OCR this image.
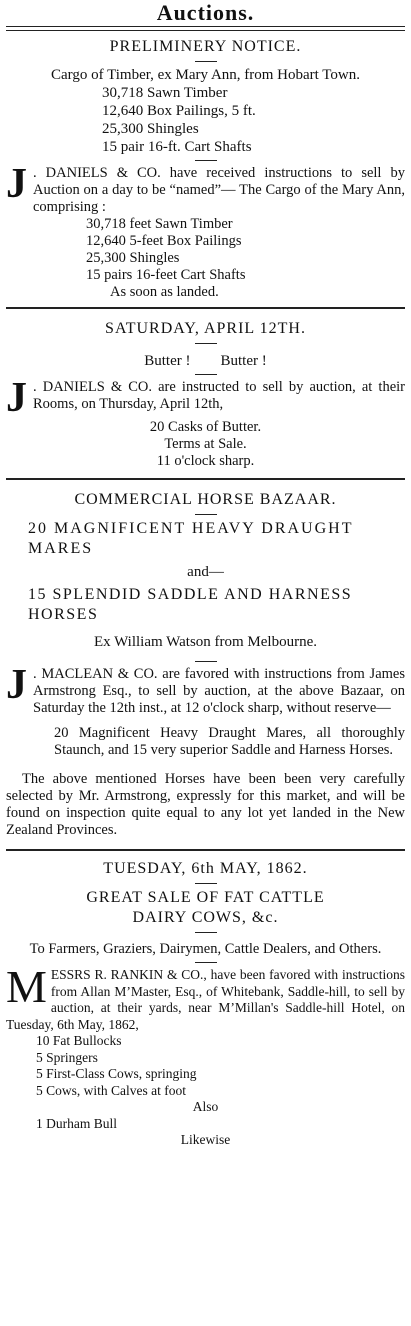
Auctions.
PRELIMINERY NOTICE.
Cargo of Timber, ex Mary Ann, from Hobart Town.
30,718 Sawn Timber
12,640 Box Pailings, 5 ft.
25,300 Shingles
15 pair 16-ft. Cart Shafts
J . DANIELS & CO. have received instructions to sell by Auction on a day to be “named”— The Cargo of the Mary Ann, comprising :
30,718 feet Sawn Timber
12,640 5-feet Box Pailings
25,300 Shingles
15 pairs 16-feet Cart Shafts
As soon as landed.
SATURDAY, APRIL 12TH.
Butter ! Butter !
J . DANIELS & CO. are instructed to sell by auction, at their Rooms, on Thursday, April 12th,
20 Casks of Butter.
Terms at Sale.
11 o'clock sharp.
COMMERCIAL HORSE BAZAAR.
20 MAGNIFICENT HEAVY DRAUGHT MARES
and—
15 SPLENDID SADDLE AND HARNESS HORSES
Ex William Watson from Melbourne.
J . MACLEAN & CO. are favored with instructions from James Armstrong Esq., to sell by auction, at the above Bazaar, on Saturday the 12th inst., at 12 o'clock sharp, without reserve—
20 Magnificent Heavy Draught Mares, all thoroughly Staunch, and 15 very superior Saddle and Harness Horses.
The above mentioned Horses have been been very carefully selected by Mr. Armstrong, expressly for this market, and will be found on inspection quite equal to any lot yet landed in the New Zealand Provinces.
TUESDAY, 6th MAY, 1862.
GREAT SALE OF FAT CATTLE
DAIRY COWS, &c.
To Farmers, Graziers, Dairymen, Cattle Dealers, and Others.
M ESSRS R. RANKIN & CO., have been favored with instructions from Allan M’Master, Esq., of Whitebank, Saddle-hill, to sell by auction, at their yards, near M’Millan's Saddle-hill Hotel, on Tuesday, 6th May, 1862,
10 Fat Bullocks
5 Springers
5 First-Class Cows, springing
5 Cows, with Calves at foot
Also
1 Durham Bull
Likewise
